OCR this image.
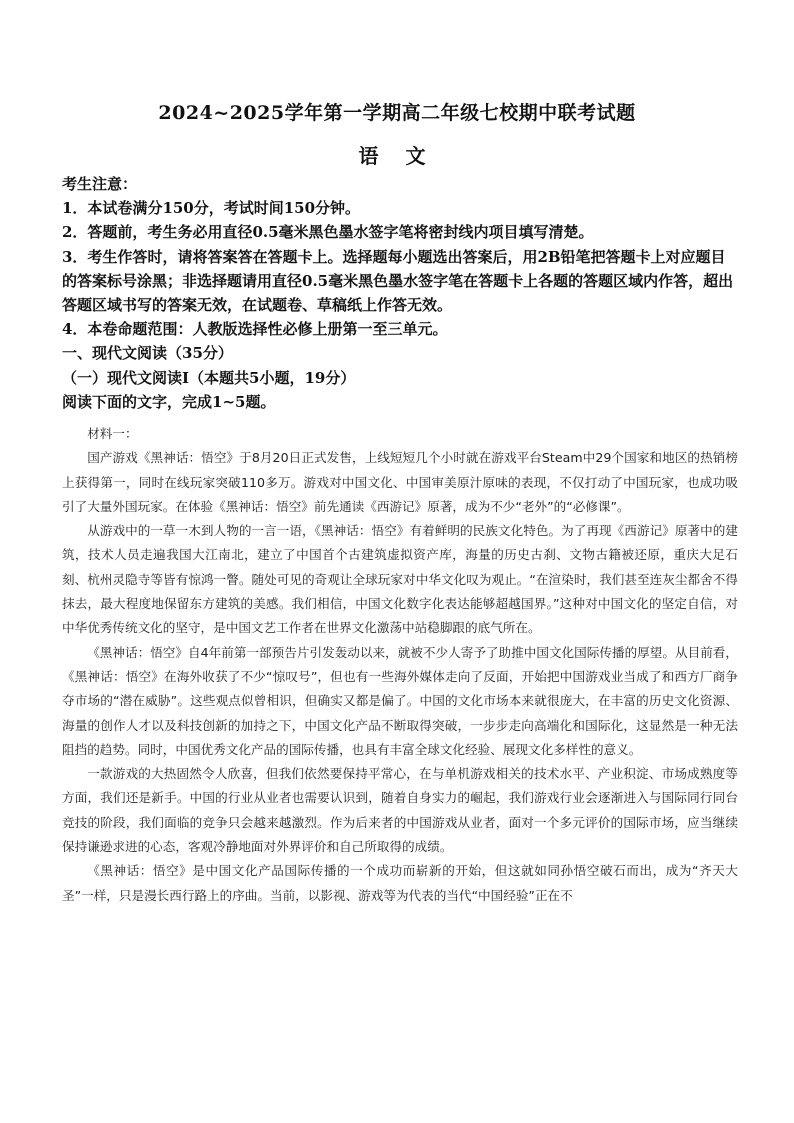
2024~2025学年第一学期高二年级七校期中联考试题
语 文

考生注意：

1．本试卷满分150分，考试时间150分钟。

2．答题前，考生务必用直径0.5毫米黑色墨水签字笔将密封线内项目填写清楚。

3．考生作答时，请将答案答在答题卡上。选择题每小题选出答案后，用2B铅笔把答题卡上对应题目的答案标号涂黑；非选择题请用直径0.5毫米黑色墨水签字笔在答题卡上各题的答题区域内作答，超出答题区域书写的答案无效，在试题卷、草稿纸上作答无效。

4．本卷命题范围：人教版选择性必修上册第一至三单元。

一、现代文阅读（35分）

（一）现代文阅读I（本题共5小题，19分）

阅读下面的文字，完成1~5题。

材料一：

国产游戏《黑神话：悟空》于8月20日正式发售，上线短短几个小时就在游戏平台Steam中29个国家和地区的热销榜上获得第一，同时在线玩家突破110多万。游戏对中国文化、中国审美原汁原味的表现，不仅打动了中国玩家，也成功吸引了大量外国玩家。在体验《黑神话：悟空》前先通读《西游记》原著，成为不少“老外”的“必修课”。

从游戏中的一草一木到人物的一言一语，《黑神话：悟空》有着鲜明的民族文化特色。为了再现《西游记》原著中的建筑，技术人员走遍我国大江南北，建立了中国首个古建筑虚拟资产库，海量的历史古刹、文物古籍被还原，重庆大足石刻、杭州灵隐寺等皆有惊鸿一瞥。随处可见的奇观让全球玩家对中华文化叹为观止。“在渲染时，我们甚至连灰尘都舍不得抹去，最大程度地保留东方建筑的美感。我们相信，中国文化数字化表达能够超越国界。”这种对中国文化的坚定自信，对中华优秀传统文化的坚守，是中国文艺工作者在世界文化激荡中站稳脚跟的底气所在。

《黑神话：悟空》自4年前第一部预告片引发轰动以来，就被不少人寄予了助推中国文化国际传播的厚望。从目前看，《黑神话：悟空》在海外收获了不少“惊叹号”，但也有一些海外媒体走向了反面，开始把中国游戏业当成了和西方厂商争夺市场的“潜在威胁”。这些观点似曾相识，但确实又都是偏了。中国的文化市场本来就很庞大，在丰富的历史文化资源、海量的创作人才以及科技创新的加持之下，中国文化产品不断取得突破，一步步走向高端化和国际化，这显然是一种无法阻挡的趋势。同时，中国优秀文化产品的国际传播，也具有丰富全球文化经验、展现文化多样性的意义。

一款游戏的大热固然令人欣喜，但我们依然要保持平常心，在与单机游戏相关的技术水平、产业积淀、市场成熟度等方面，我们还是新手。中国的行业从业者也需要认识到，随着自身实力的崛起，我们游戏行业会逐渐进入与国际同行同台竞技的阶段，我们面临的竞争只会越来越激烈。作为后来者的中国游戏从业者，面对一个多元评价的国际市场，应当继续保持谦逊求进的心态，客观冷静地面对外界评价和自己所取得的成绩。

《黑神话：悟空》是中国文化产品国际传播的一个成功而崭新的开始，但这就如同孙悟空破石而出，成为“齐天大圣”一样，只是漫长西行路上的序曲。当前，以影视、游戏等为代表的当代“中国经验”正在不
